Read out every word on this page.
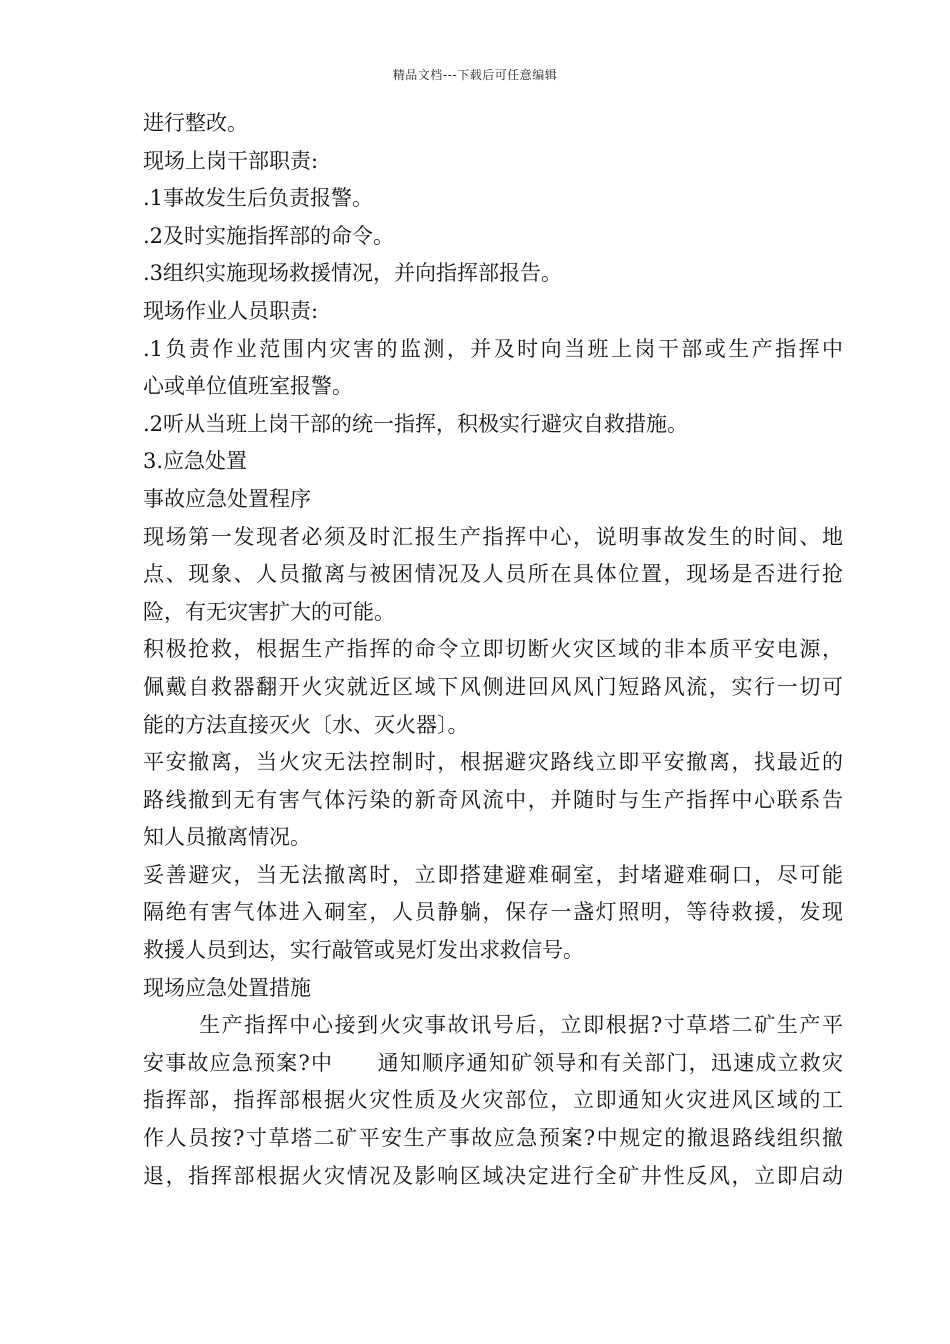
精品文档---下载后可任意编辑
进行整改。
现场上岗干部职责:
.1事故发生后负责报警。
.2及时实施指挥部的命令。
.3组织实施现场救援情况，并向指挥部报告。
现场作业人员职责:
.1负责作业范围内灾害的监测，并及时向当班上岗干部或生产指挥中
心或单位值班室报警。
.2听从当班上岗干部的统一指挥，积极实行避灾自救措施。
3.应急处置
事故应急处置程序
现场第一发现者必须及时汇报生产指挥中心，说明事故发生的时间、地
点、现象、人员撤离与被困情况及人员所在具体位置，现场是否进行抢
险，有无灾害扩大的可能。
积极抢救，根据生产指挥的命令立即切断火灾区域的非本质平安电源，
佩戴自救器翻开火灾就近区域下风侧进回风风门短路风流，实行一切可
能的方法直接灭火〔水、灭火器〕。
平安撤离，当火灾无法控制时，根据避灾路线立即平安撤离，找最近的
路线撤到无有害气体污染的新奇风流中，并随时与生产指挥中心联系告
知人员撤离情况。
妥善避灾，当无法撤离时，立即搭建避难硐室，封堵避难硐口，尽可能
隔绝有害气体进入硐室，人员静躺，保存一盏灯照明，等待救援，发现
救援人员到达，实行敲管或晃灯发出求救信号。
现场应急处置措施
生产指挥中心接到火灾事故讯号后，立即根据?寸草塔二矿生产平
安事故应急预案?中　　通知顺序通知矿领导和有关部门，迅速成立救灾
指挥部，指挥部根据火灾性质及火灾部位，立即通知火灾进风区域的工
作人员按?寸草塔二矿平安生产事故应急预案?中规定的撤退路线组织撤
退，指挥部根据火灾情况及影响区域决定进行全矿井性反风，立即启动
